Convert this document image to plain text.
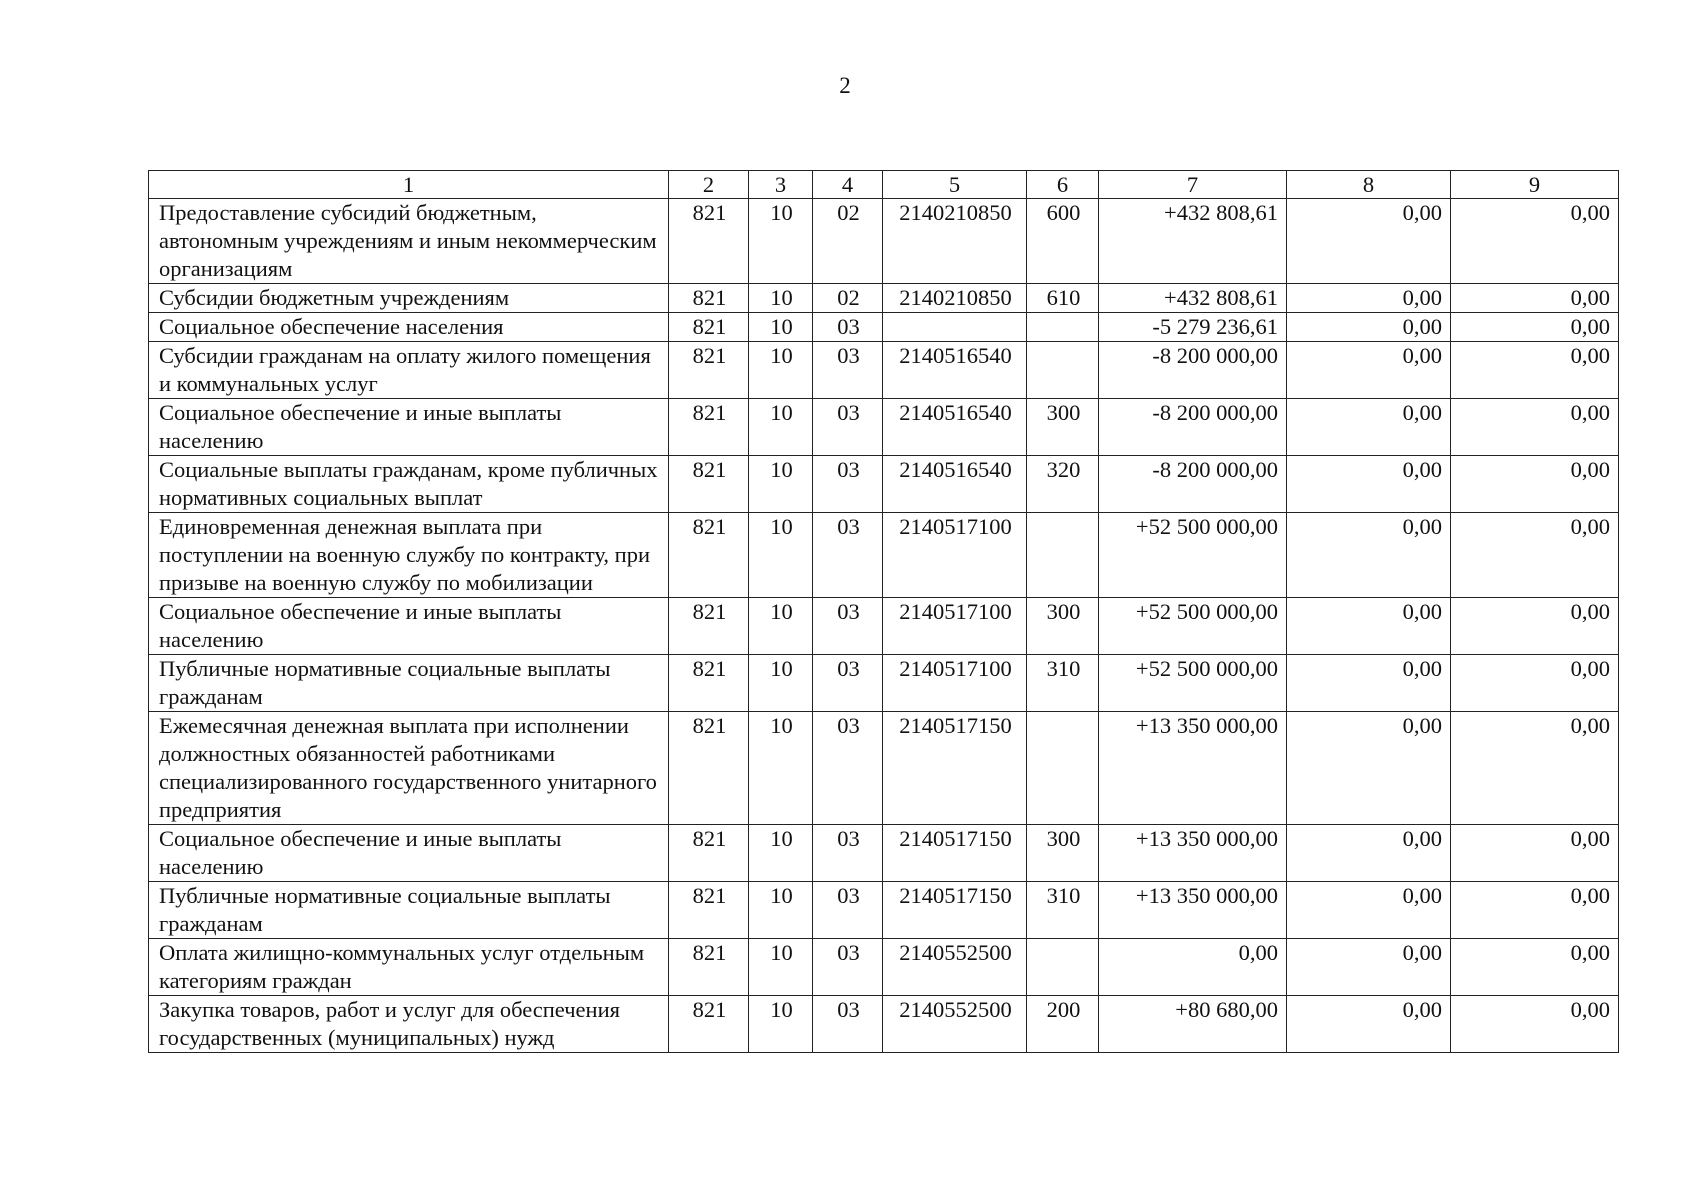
2
1	2	3	4	5	6	7	8	9
Предоставление субсидий бюджетным, автономным учреждениям и иным некоммерческим организациям	821	10	02	2140210850	600	+432 808,61	0,00	0,00
Субсидии бюджетным учреждениям	821	10	02	2140210850	610	+432 808,61	0,00	0,00
Социальное обеспечение населения	821	10	03			-5 279 236,61	0,00	0,00
Субсидии гражданам на оплату жилого помещения и коммунальных услуг	821	10	03	2140516540		-8 200 000,00	0,00	0,00
Социальное обеспечение и иные выплаты населению	821	10	03	2140516540	300	-8 200 000,00	0,00	0,00
Социальные выплаты гражданам, кроме публичных нормативных социальных выплат	821	10	03	2140516540	320	-8 200 000,00	0,00	0,00
Единовременная денежная выплата при поступлении на военную службу по контракту, при призыве на военную службу по мобилизации	821	10	03	2140517100		+52 500 000,00	0,00	0,00
Социальное обеспечение и иные выплаты населению	821	10	03	2140517100	300	+52 500 000,00	0,00	0,00
Публичные нормативные социальные выплаты гражданам	821	10	03	2140517100	310	+52 500 000,00	0,00	0,00
Ежемесячная денежная выплата при исполнении должностных обязанностей работниками специализированного государственного унитарного предприятия	821	10	03	2140517150		+13 350 000,00	0,00	0,00
Социальное обеспечение и иные выплаты населению	821	10	03	2140517150	300	+13 350 000,00	0,00	0,00
Публичные нормативные социальные выплаты гражданам	821	10	03	2140517150	310	+13 350 000,00	0,00	0,00
Оплата жилищно-коммунальных услуг отдельным категориям граждан	821	10	03	2140552500		0,00	0,00	0,00
Закупка товаров, работ и услуг для обеспечения государственных (муниципальных) нужд	821	10	03	2140552500	200	+80 680,00	0,00	0,00
